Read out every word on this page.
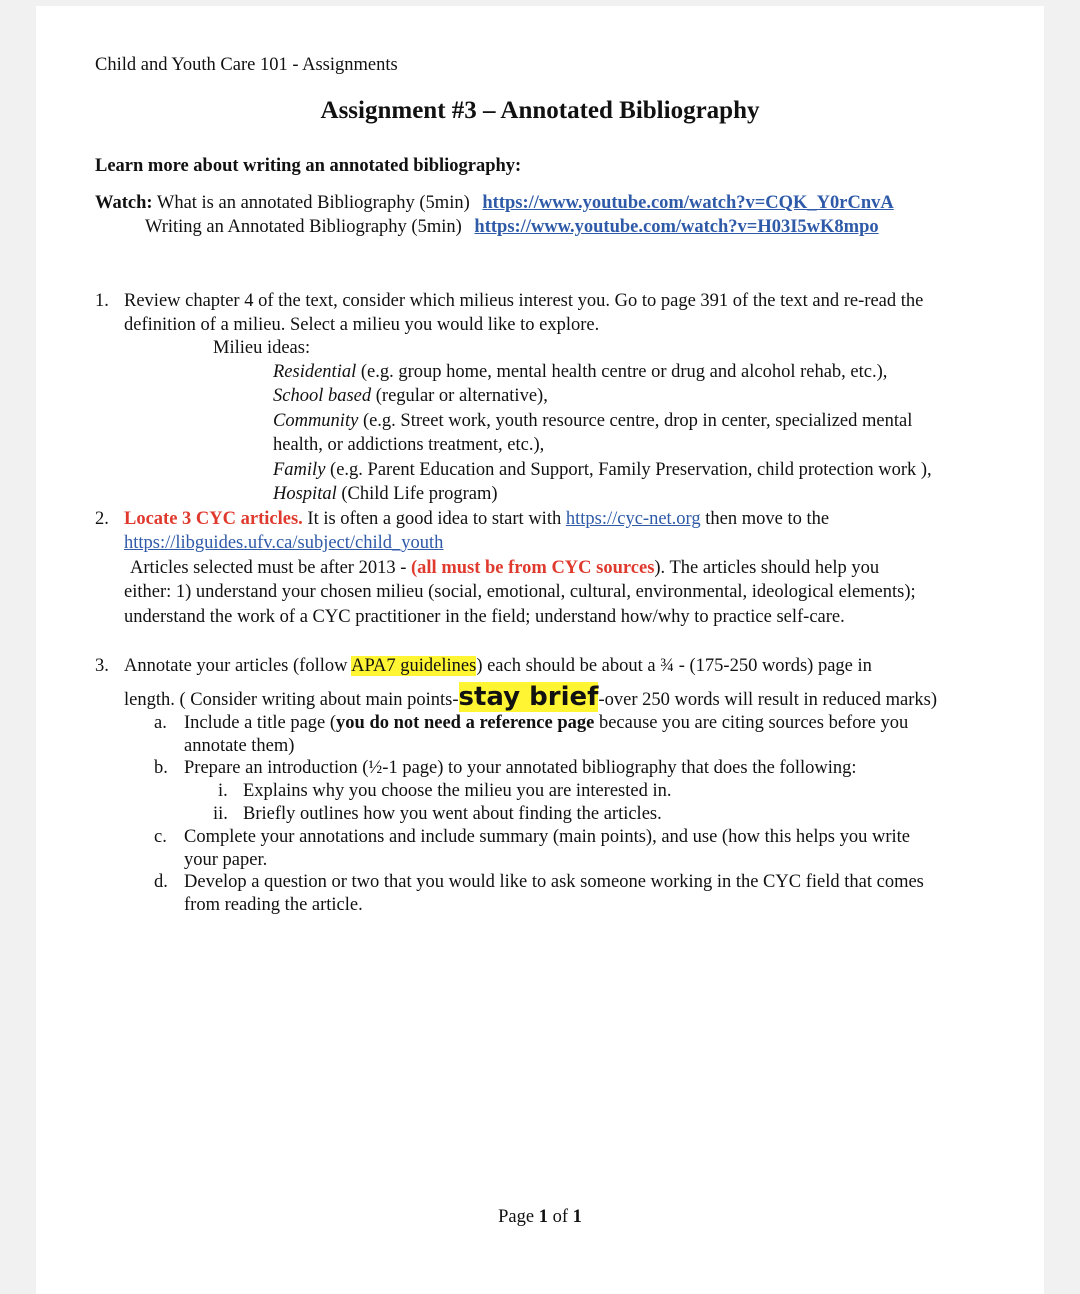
Child and Youth Care 101 - Assignments
Assignment #3 – Annotated Bibliography
Learn more about writing an annotated bibliography:
Watch: What is an annotated Bibliography (5min) https://www.youtube.com/watch?v=CQK_Y0rCnvA
Writing an Annotated Bibliography (5min) https://www.youtube.com/watch?v=H03I5wK8mpo
1. Review chapter 4 of the text, consider which milieus interest you. Go to page 391 of the text and re-read the
definition of a milieu. Select a milieu you would like to explore.
Milieu ideas:
Residential (e.g. group home, mental health centre or drug and alcohol rehab, etc.),
School based (regular or alternative),
Community (e.g. Street work, youth resource centre, drop in center, specialized mental
health, or addictions treatment, etc.),
Family (e.g. Parent Education and Support, Family Preservation, child protection work ),
Hospital (Child Life program)
2. Locate 3 CYC articles. It is often a good idea to start with https://cyc-net.org then move to the
https://libguides.ufv.ca/subject/child_youth
Articles selected must be after 2013 - (all must be from CYC sources). The articles should help you
either: 1) understand your chosen milieu (social, emotional, cultural, environmental, ideological elements);
understand the work of a CYC practitioner in the field; understand how/why to practice self-care.
3. Annotate your articles (follow APA7 guidelines) each should be about a ¾ - (175-250 words) page in
length. ( Consider writing about main points-stay brief-over 250 words will result in reduced marks)
a. Include a title page (you do not need a reference page because you are citing sources before you
annotate them)
b. Prepare an introduction (½-1 page) to your annotated bibliography that does the following:
i. Explains why you choose the milieu you are interested in.
ii. Briefly outlines how you went about finding the articles.
c. Complete your annotations and include summary (main points), and use (how this helps you write
your paper.
d. Develop a question or two that you would like to ask someone working in the CYC field that comes
from reading the article.
Page 1 of 1
